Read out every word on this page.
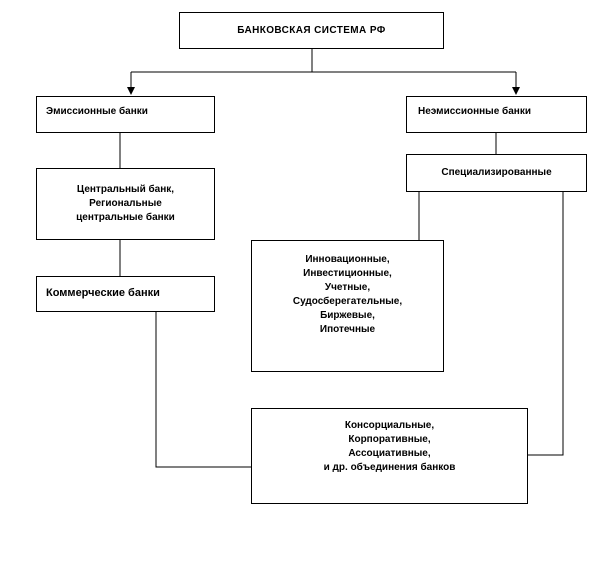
БАНКОВСКАЯ СИСТЕМА РФ
Эмиссионные банки	Неэмиссионные банки
Специализированные
Центральный банк,
Региональные
центральные банки
Коммерческие банки
Инновационные,
Инвестиционные,
Учетные,
Судосберегательные,
Биржевые,
Ипотечные
Консорциальные,
Корпоративные,
Ассоциативные,
и др. объединения банков
